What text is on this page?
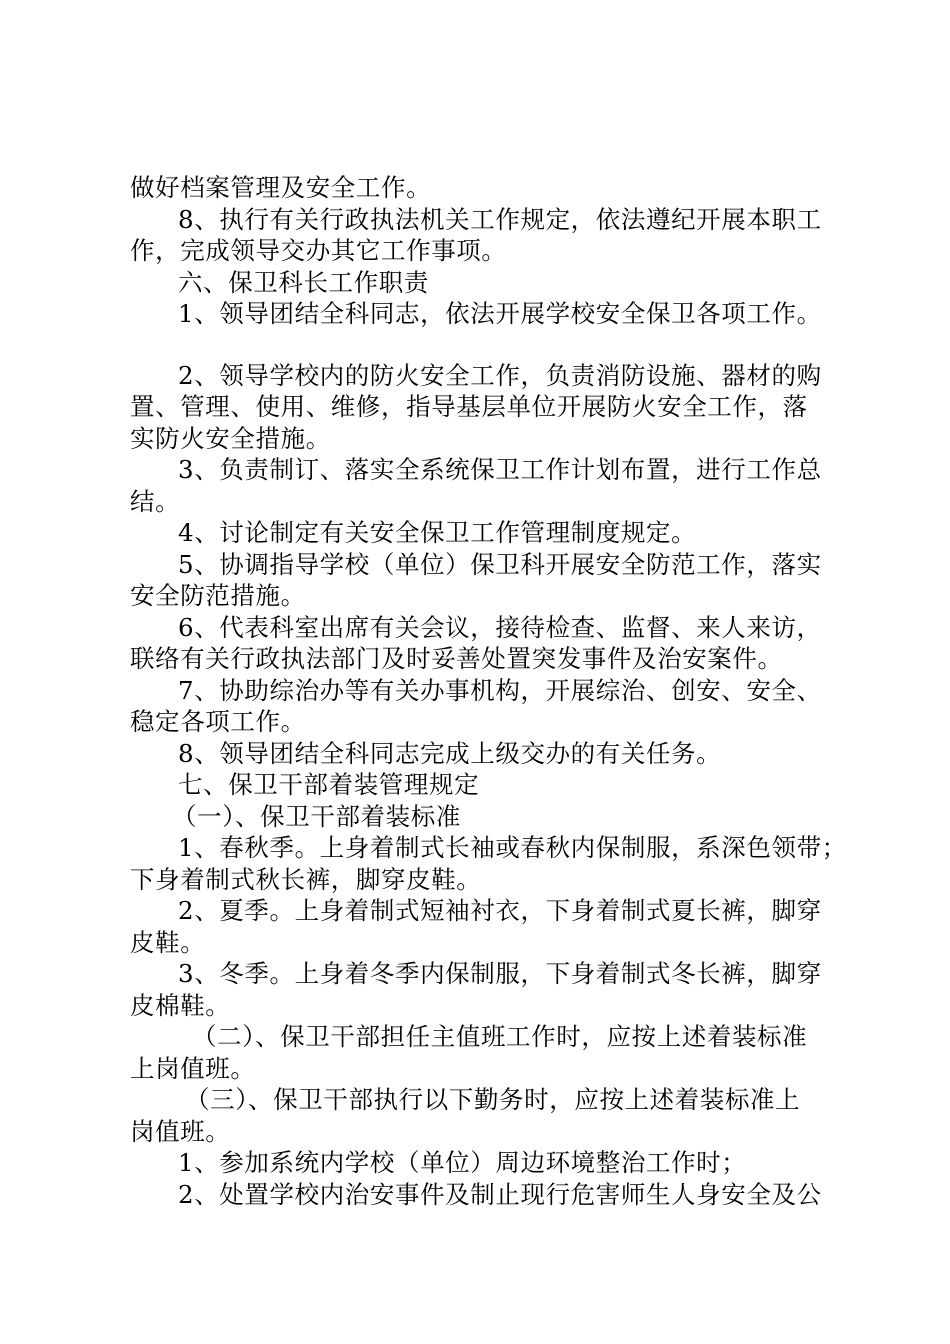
做好档案管理及安全工作。
8、执行有关行政执法机关工作规定，依法遵纪开展本职工
作，完成领导交办其它工作事项。
六、保卫科长工作职责
1、领导团结全科同志，依法开展学校安全保卫各项工作。
2、领导学校内的防火安全工作，负责消防设施、器材的购
置、管理、使用、维修，指导基层单位开展防火安全工作，落
实防火安全措施。
3、负责制订、落实全系统保卫工作计划布置，进行工作总
结。
4、讨论制定有关安全保卫工作管理制度规定。
5、协调指导学校（单位）保卫科开展安全防范工作，落实
安全防范措施。
6、代表科室出席有关会议，接待检查、监督、来人来访，
联络有关行政执法部门及时妥善处置突发事件及治安案件。
7、协助综治办等有关办事机构，开展综治、创安、安全、
稳定各项工作。
8、领导团结全科同志完成上级交办的有关任务。
七、保卫干部着装管理规定
（一）、保卫干部着装标准
1、春秋季。上身着制式长袖或春秋内保制服，系深色领带；
下身着制式秋长裤，脚穿皮鞋。
2、夏季。上身着制式短袖衬衣，下身着制式夏长裤，脚穿
皮鞋。
3、冬季。上身着冬季内保制服，下身着制式冬长裤，脚穿
皮棉鞋。
（二）、保卫干部担任主值班工作时，应按上述着装标准
上岗值班。
（三）、保卫干部执行以下勤务时，应按上述着装标准上
岗值班。
1、参加系统内学校（单位）周边环境整治工作时；
2、处置学校内治安事件及制止现行危害师生人身安全及公
